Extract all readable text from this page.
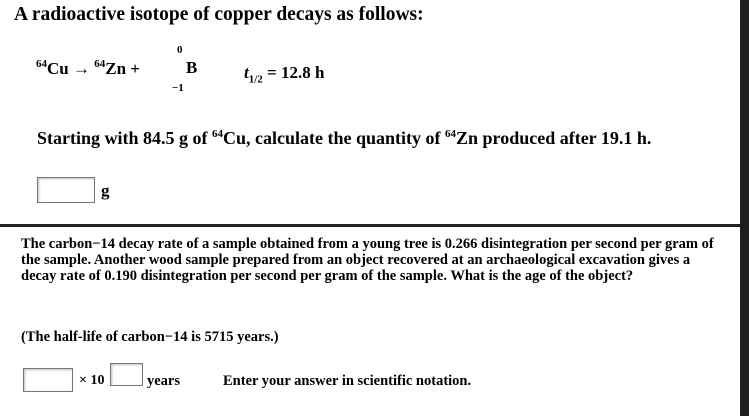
A radioactive isotope of copper decays as follows:
$^{64}$Cu → $^{64}$Zn +
0
B
−1
$t_{1/2} = 12.8$ h
Starting with 84.5 g of $^{64}$Cu, calculate the quantity of $^{64}$Zn produced after 19.1 h.
g
The carbon−14 decay rate of a sample obtained from a young tree is 0.266 disintegration per second per gram of the sample. Another wood sample prepared from an object recovered at an archaeological excavation gives a decay rate of 0.190 disintegration per second per gram of the sample. What is the age of the object?
(The half-life of carbon−14 is 5715 years.)
× 10	years	Enter your answer in scientific notation.
